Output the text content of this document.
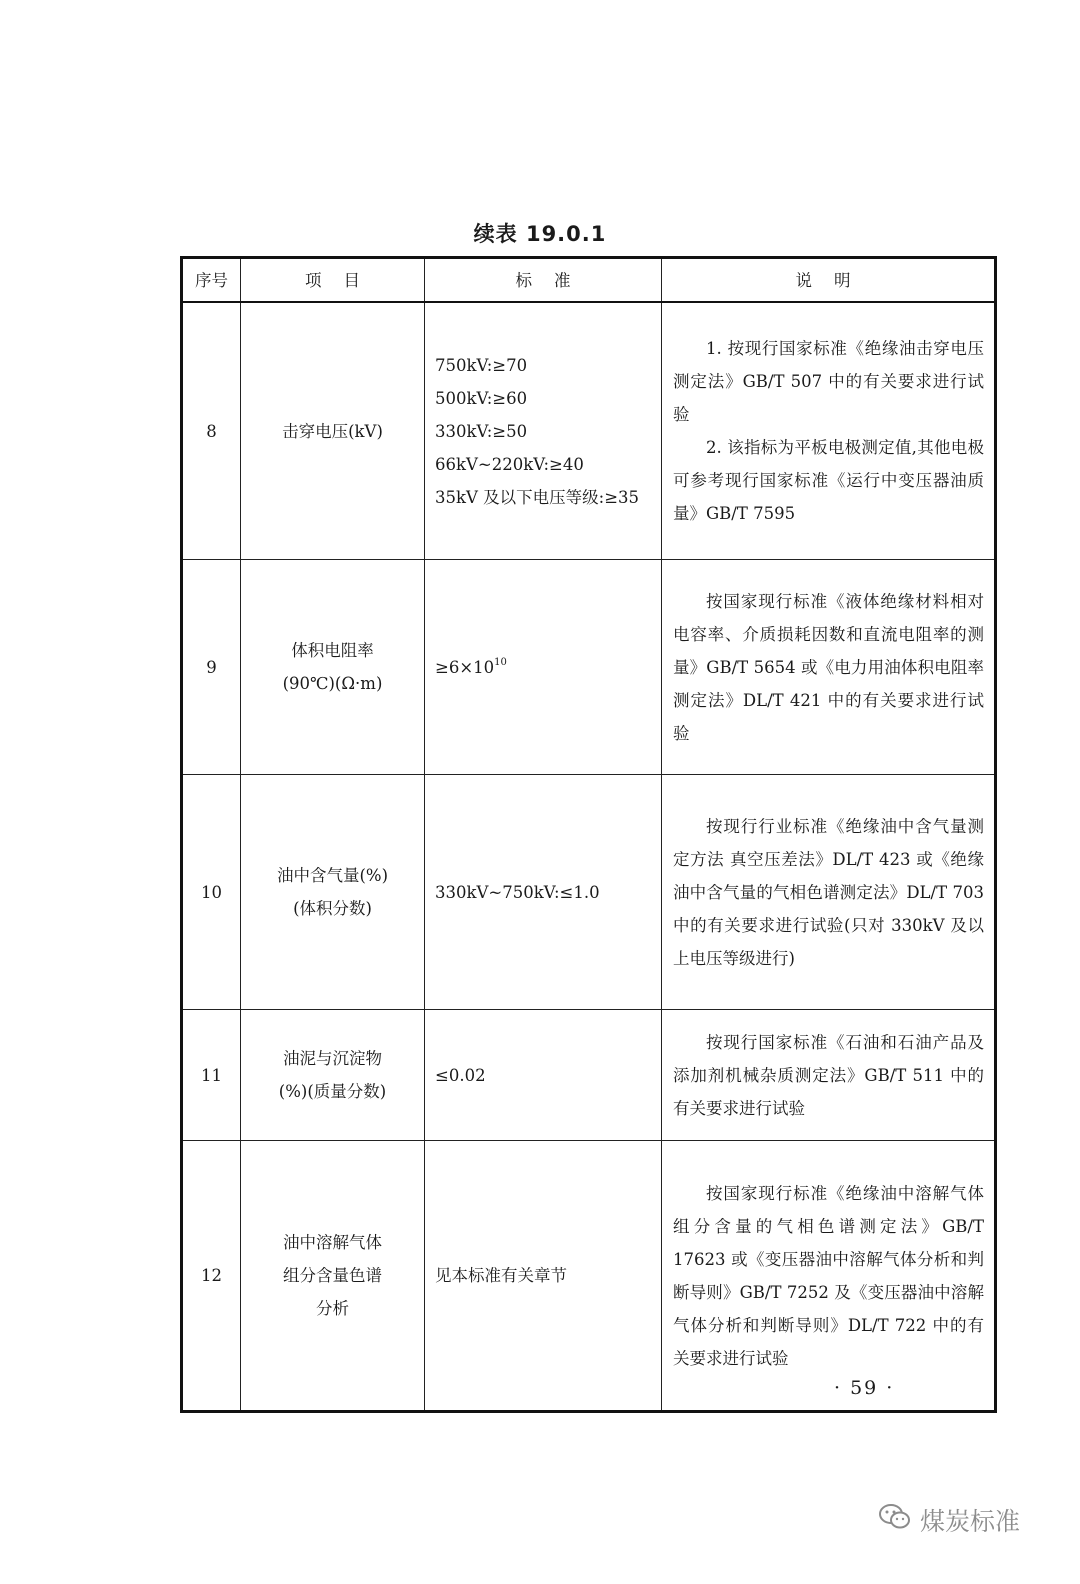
续表 19.0.1
序号	项目	标准	说明
8	击穿电压(kV)	750kV:≥70
500kV:≥60
330kV:≥50
66kV~220kV:≥40
35kV 及以下电压等级:≥35	1. 按现行国家标准《绝缘油击穿电压测定法》GB/T 507 中的有关要求进行试验
2. 该指标为平板电极测定值,其他电极可参考现行国家标准《运行中变压器油质量》GB/T 7595

9	体积电阻率
(90℃)(Ω·m)	$\ge 6\times 10^{10}$	按国家现行标准《液体绝缘材料相对电容率、介质损耗因数和直流电阻率的测量》GB/T 5654 或《电力用油体积电阻率测定法》DL/T 421 中的有关要求进行试验

10	油中含气量(%)
(体积分数)	330kV~750kV:≤1.0	按现行行业标准《绝缘油中含气量测定方法 真空压差法》DL/T 423 或《绝缘油中含气量的气相色谱测定法》DL/T 703 中的有关要求进行试验(只对 330kV 及以上电压等级进行)

11	油泥与沉淀物
(%)(质量分数)	≤0.02	按现行国家标准《石油和石油产品及添加剂机械杂质测定法》GB/T 511 中的有关要求进行试验

12	油中溶解气体
组分含量色谱
分析	见本标准有关章节	按国家现行标准《绝缘油中溶解气体组分含量的气相色谱测定法》GB/T 17623 或《变压器油中溶解气体分析和判断导则》GB/T 7252 及《变压器油中溶解气体分析和判断导则》DL/T 722 中的有关要求进行试验
· 59 ·
煤炭标准
